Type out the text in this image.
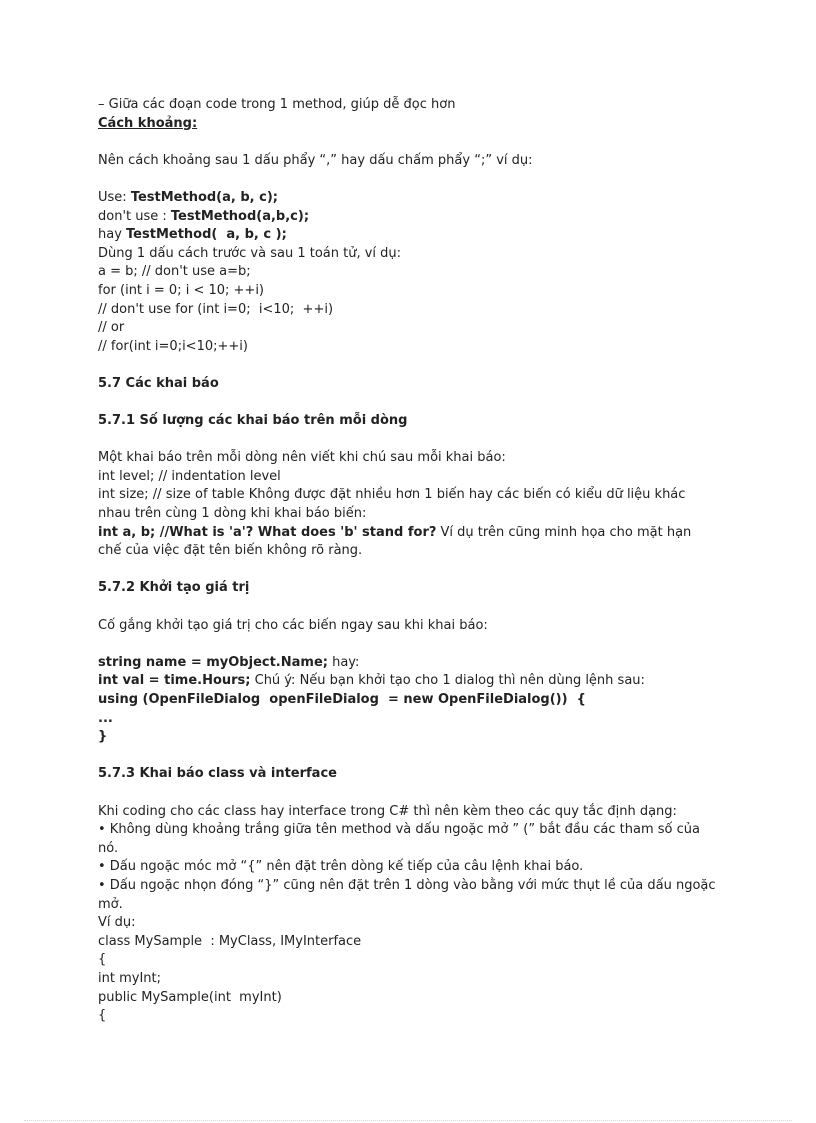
– Giữa các đoạn code trong 1 method, giúp dễ đọc hơn
Cách khoảng:
Nên cách khoảng sau 1 dấu phẩy “,” hay dấu chấm phẩy “;” ví dụ:
Use: TestMethod(a, b, c);
don't use : TestMethod(a,b,c);
hay TestMethod(  a, b, c );
Dùng 1 dấu cách trước và sau 1 toán tử, ví dụ:
a = b; // don't use a=b;
for (int i = 0; i < 10; ++i)
// don't use for (int i=0;  i<10;  ++i)
// or
// for(int i=0;i<10;++i)
5.7 Các khai báo
5.7.1 Số lượng các khai báo trên mỗi dòng
Một khai báo trên mỗi dòng nên viết khi chú sau mỗi khai báo:
int level; // indentation level
int size; // size of table Không được đặt nhiều hơn 1 biến hay các biến có kiểu dữ liệu khác nhau trên cùng 1 dòng khi khai báo biến:
int a, b; //What is 'a'? What does 'b' stand for? Ví dụ trên cũng minh họa cho mặt hạn chế của việc đặt tên biến không rõ ràng.
5.7.2 Khởi tạo giá trị
Cố gắng khởi tạo giá trị cho các biến ngay sau khi khai báo:
string name = myObject.Name; hay:
int val = time.Hours; Chú ý: Nếu bạn khởi tạo cho 1 dialog thì nên dùng lệnh sau:
using (OpenFileDialog  openFileDialog  = new OpenFileDialog())  {
...
}
5.7.3 Khai báo class và interface
Khi coding cho các class hay interface trong C# thì nên kèm theo các quy tắc định dạng:
• Không dùng khoảng trắng giữa tên method và dấu ngoặc mở ” (” bắt đầu các tham số của nó.
• Dấu ngoặc móc mở “{” nên đặt trên dòng kế tiếp của câu lệnh khai báo.
• Dấu ngoặc nhọn đóng “}” cũng nên đặt trên 1 dòng vào bằng với mức thụt lề của dấu ngoặc mở.
Ví dụ:
class MySample  : MyClass, IMyInterface
{
int myInt;
public MySample(int  myInt)
{
